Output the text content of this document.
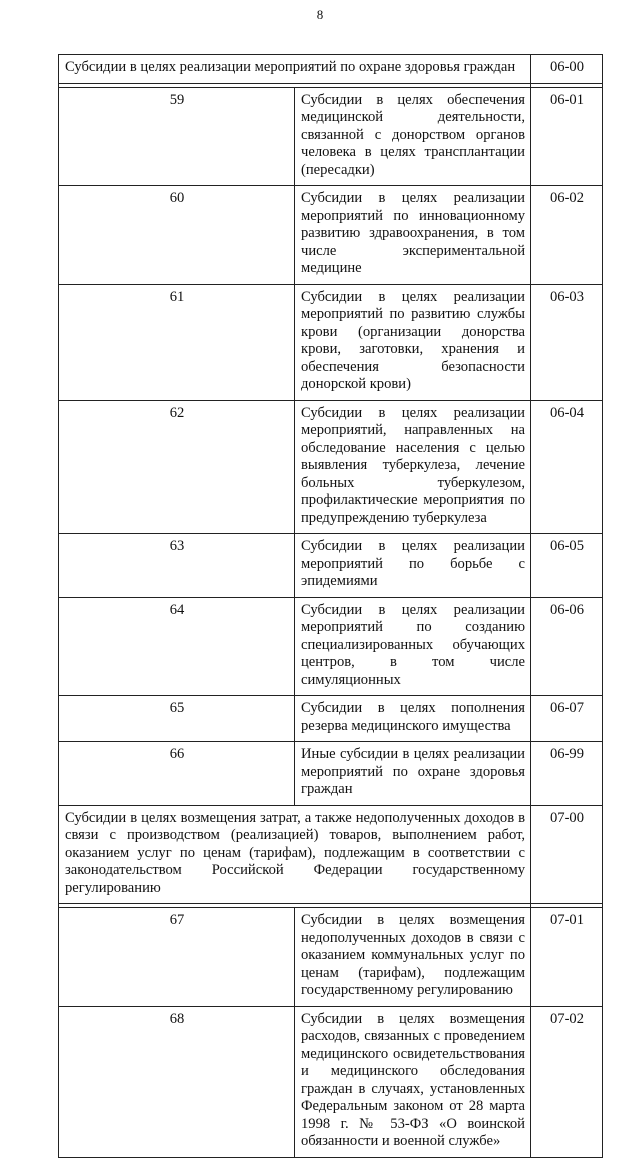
8
Субсидии в целях реализации мероприятий по охране здоровья граждан		06-00

59	Субсидии в целях обеспечения медицинской деятельности, связанной с донорством органов человека в целях трансплантации (пересадки)	06-01
60	Субсидии в целях реализации мероприятий по инновационному развитию здравоохранения, в том числе экспериментальной медицине	06-02
61	Субсидии в целях реализации мероприятий по развитию службы крови (организации донорства крови, заготовки, хранения и обеспечения безопасности донорской крови)	06-03
62	Субсидии в целях реализации мероприятий, направленных на обследование населения с целью выявления туберкулеза, лечение больных туберкулезом, профилактические мероприятия по предупреждению туберкулеза	06-04
63	Субсидии в целях реализации мероприятий по борьбе с эпидемиями	06-05
64	Субсидии в целях реализации мероприятий по созданию специализированных обучающих центров, в том числе симуляционных	06-06
65	Субсидии в целях пополнения резерва медицинского имущества	06-07
66	Иные субсидии в целях реализации мероприятий по охране здоровья граждан	06-99
Субсидии в целях возмещения затрат, а также недополученных доходов в связи с производством (реализацией) товаров, выполнением работ, оказанием услуг по ценам (тарифам), подлежащим в соответствии с законодательством Российской Федерации государственному регулированию		07-00

67	Субсидии в целях возмещения недополученных доходов в связи с оказанием коммунальных услуг по ценам (тарифам), подлежащим государственному регулированию	07-01
68	Субсидии в целях возмещения расходов, связанных с проведением медицинского освидетельствования и медицинского обследования граждан в случаях, установленных Федеральным законом от 28 марта 1998 г. № 53-ФЗ «О воинской обязанности и военной службе»	07-02
